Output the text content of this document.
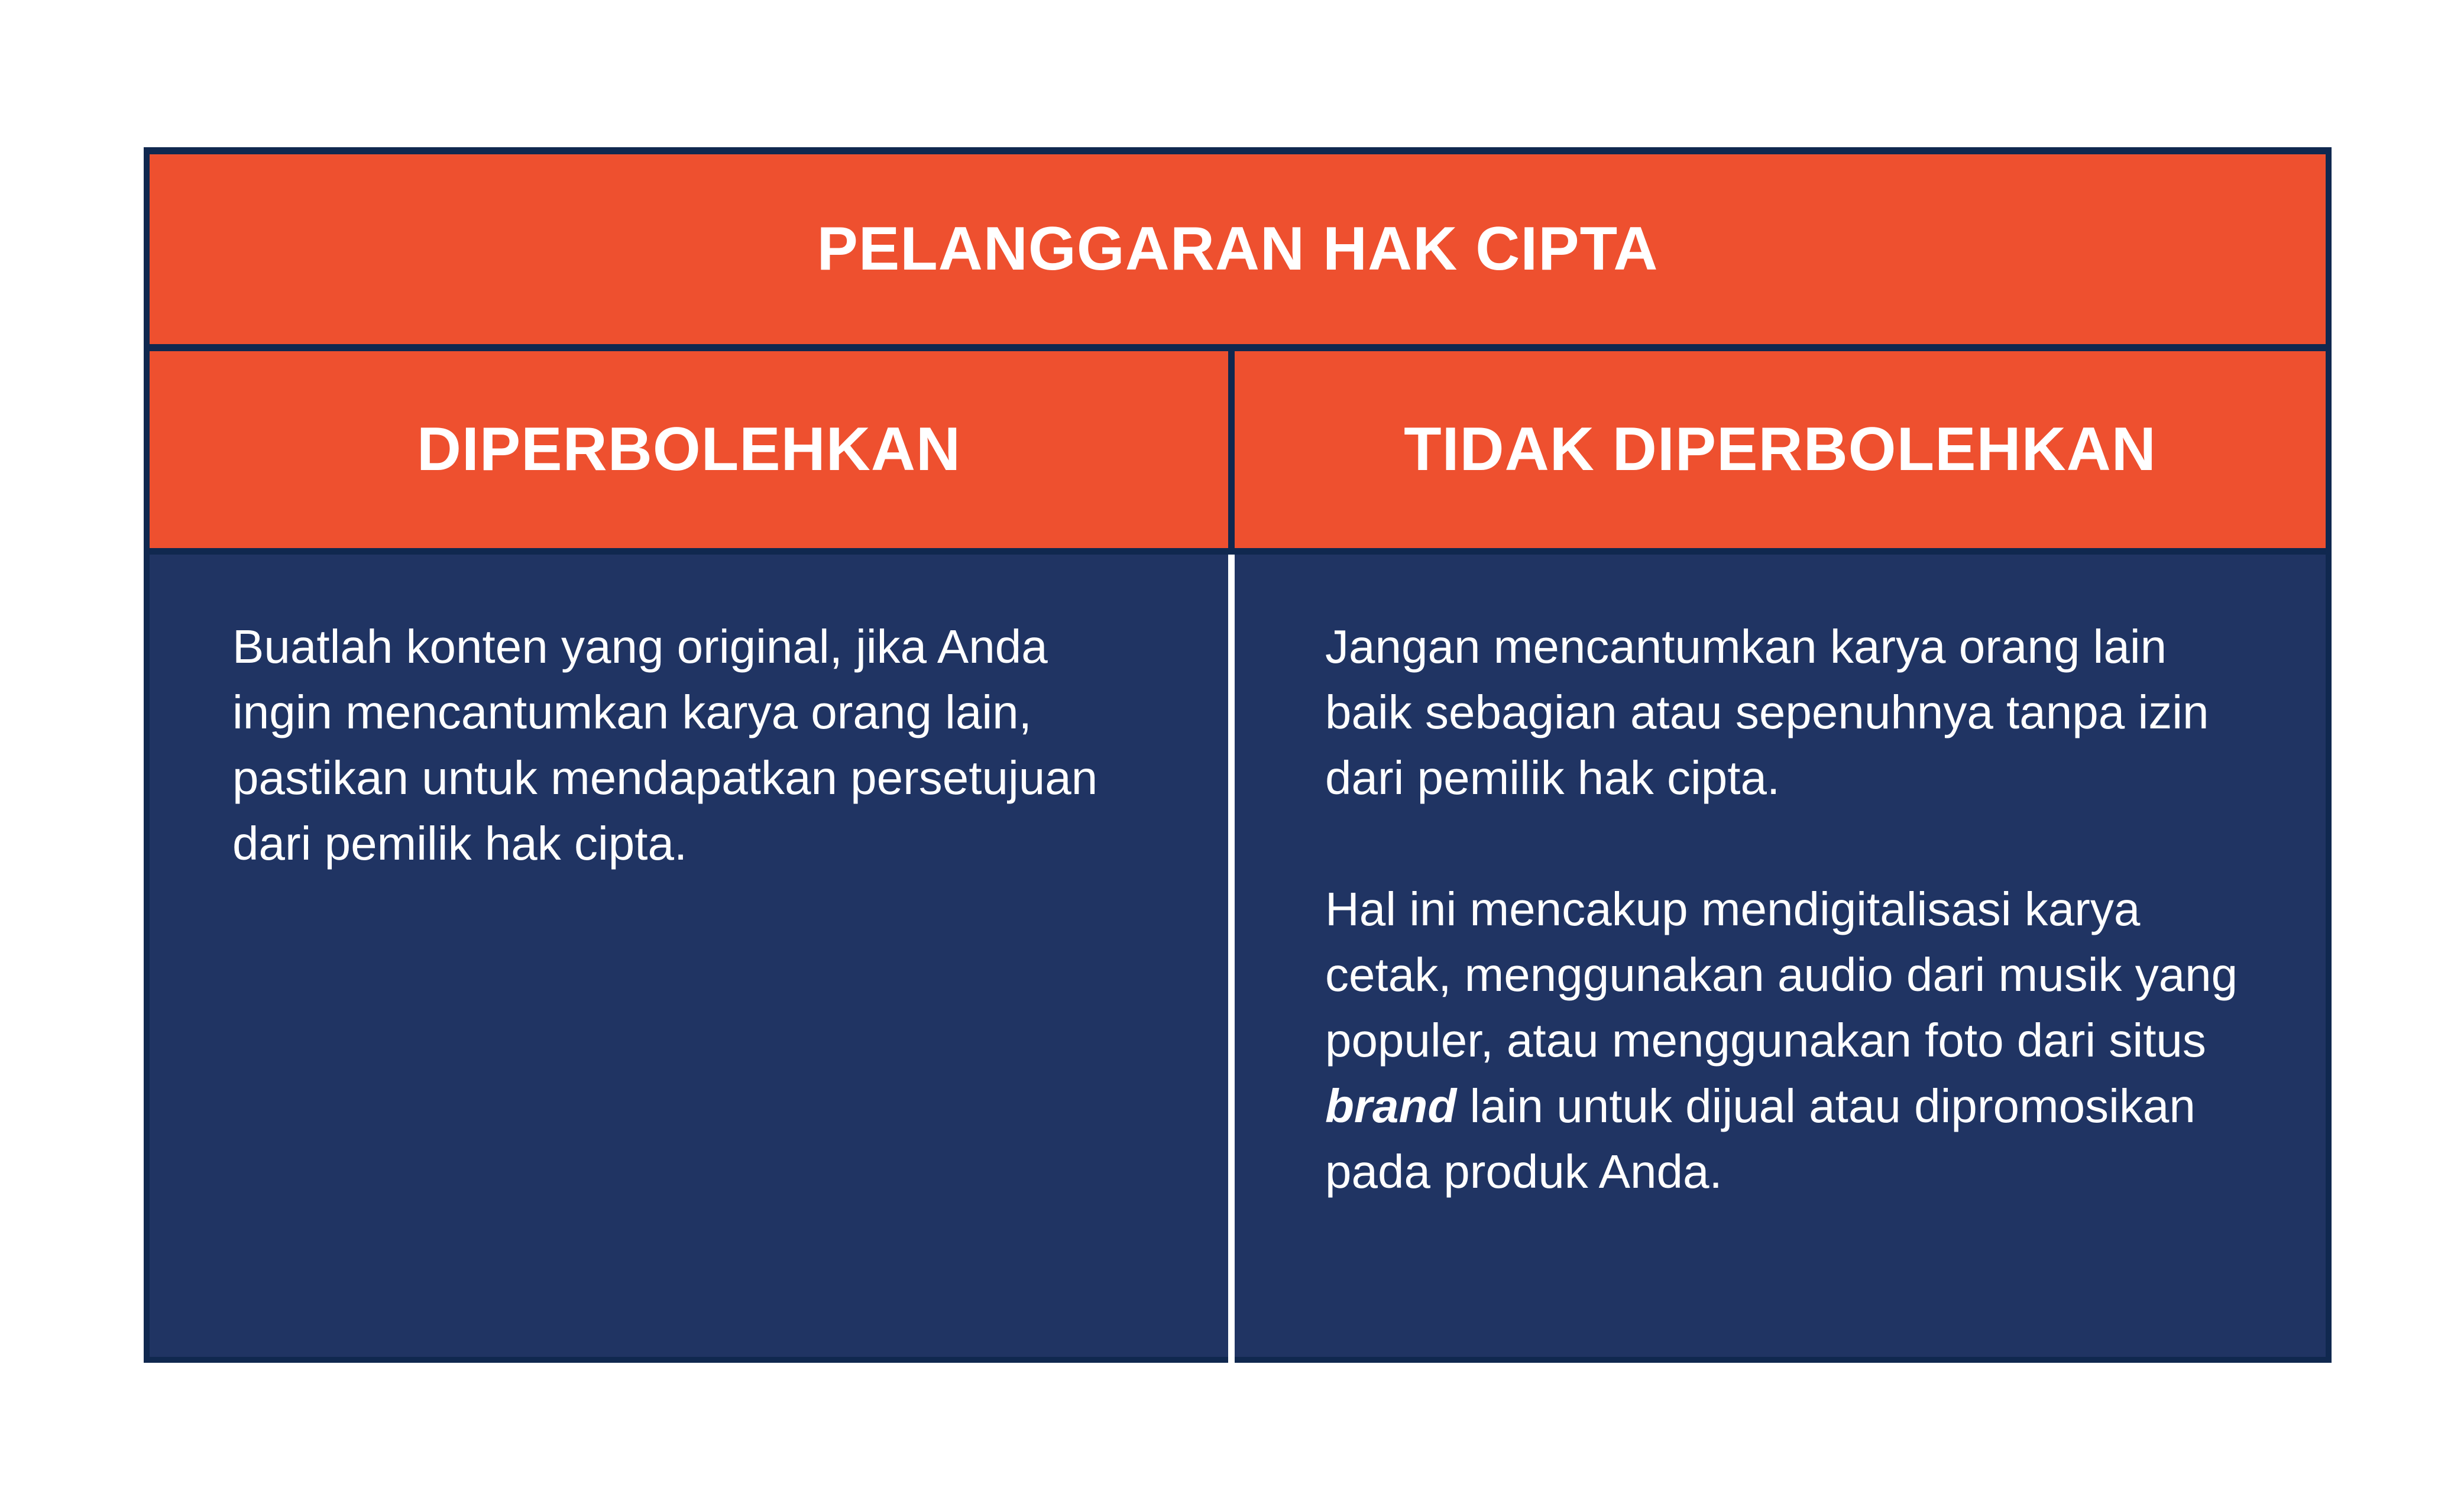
PELANGGARAN HAK CIPTA
DIPERBOLEHKAN	TIDAK DIPERBOLEHKAN

Buatlah konten yang original, jika Anda ingin mencantumkan karya orang lain, pastikan untuk mendapatkan persetujuan dari pemilik hak cipta.

Jangan mencantumkan karya orang lain baik sebagian atau sepenuhnya tanpa izin dari pemilik hak cipta.

Hal ini mencakup mendigitalisasi karya cetak, menggunakan audio dari musik yang populer, atau menggunakan foto dari situs brand lain untuk dijual atau dipromosikan pada produk Anda.
